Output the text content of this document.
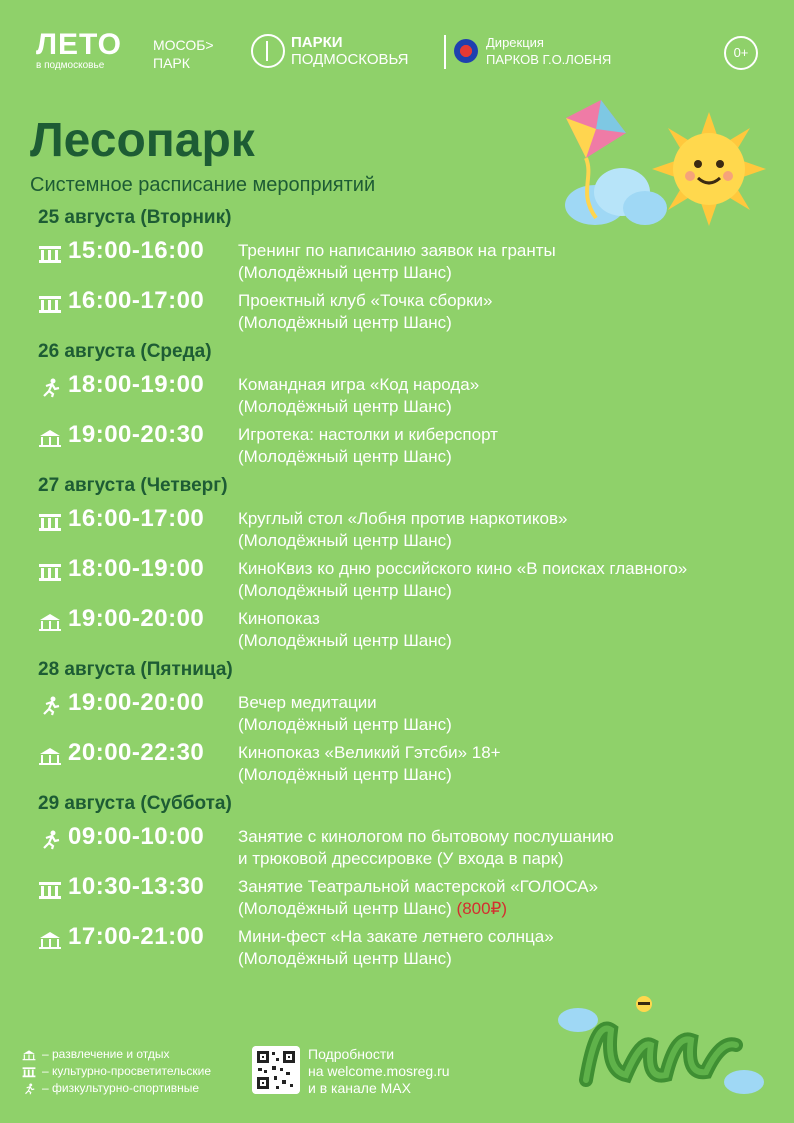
ЛЕТО
в подмосковье
МОСОБ>
ПАРК
ПАРКИ
ПОДМОСКОВЬЯ
Дирекция
ПАРКОВ Г.О.ЛОБНЯ	0+
Лесопарк
Системное расписание мероприятий
25 августа (Вторник)
15:00-16:00 Тренинг по написанию заявок на гранты
(Молодёжный центр Шанс)
16:00-17:00 Проектный клуб «Точка сборки»
(Молодёжный центр Шанс)
26 августа (Среда)
18:00-19:00 Командная игра «Код народа»
(Молодёжный центр Шанс)
19:00-20:30 Игротека: настолки и киберспорт
(Молодёжный центр Шанс)
27 августа (Четверг)
16:00-17:00 Круглый стол «Лобня против наркотиков»
(Молодёжный центр Шанс)
18:00-19:00 КиноКвиз ко дню российского кино «В поисках главного»
(Молодёжный центр Шанс)
19:00-20:00 Кинопоказ
(Молодёжный центр Шанс)
28 августа (Пятница)
19:00-20:00 Вечер медитации
(Молодёжный центр Шанс)
20:00-22:30 Кинопоказ «Великий Гэтсби» 18+
(Молодёжный центр Шанс)
29 августа (Суббота)
09:00-10:00 Занятие с кинологом по бытовому послушанию
и трюковой дрессировке (У входа в парк)
10:30-13:30 Занятие Театральной мастерской «ГОЛОСА»
(Молодёжный центр Шанс) (800₽)
17:00-21:00 Мини-фест «На закате летнего солнца»
(Молодёжный центр Шанс)
– развлечение и отдых
– культурно-просветительские
– физкультурно-спортивные
Подробности
на welcome.mosreg.ru
и в канале MAX
